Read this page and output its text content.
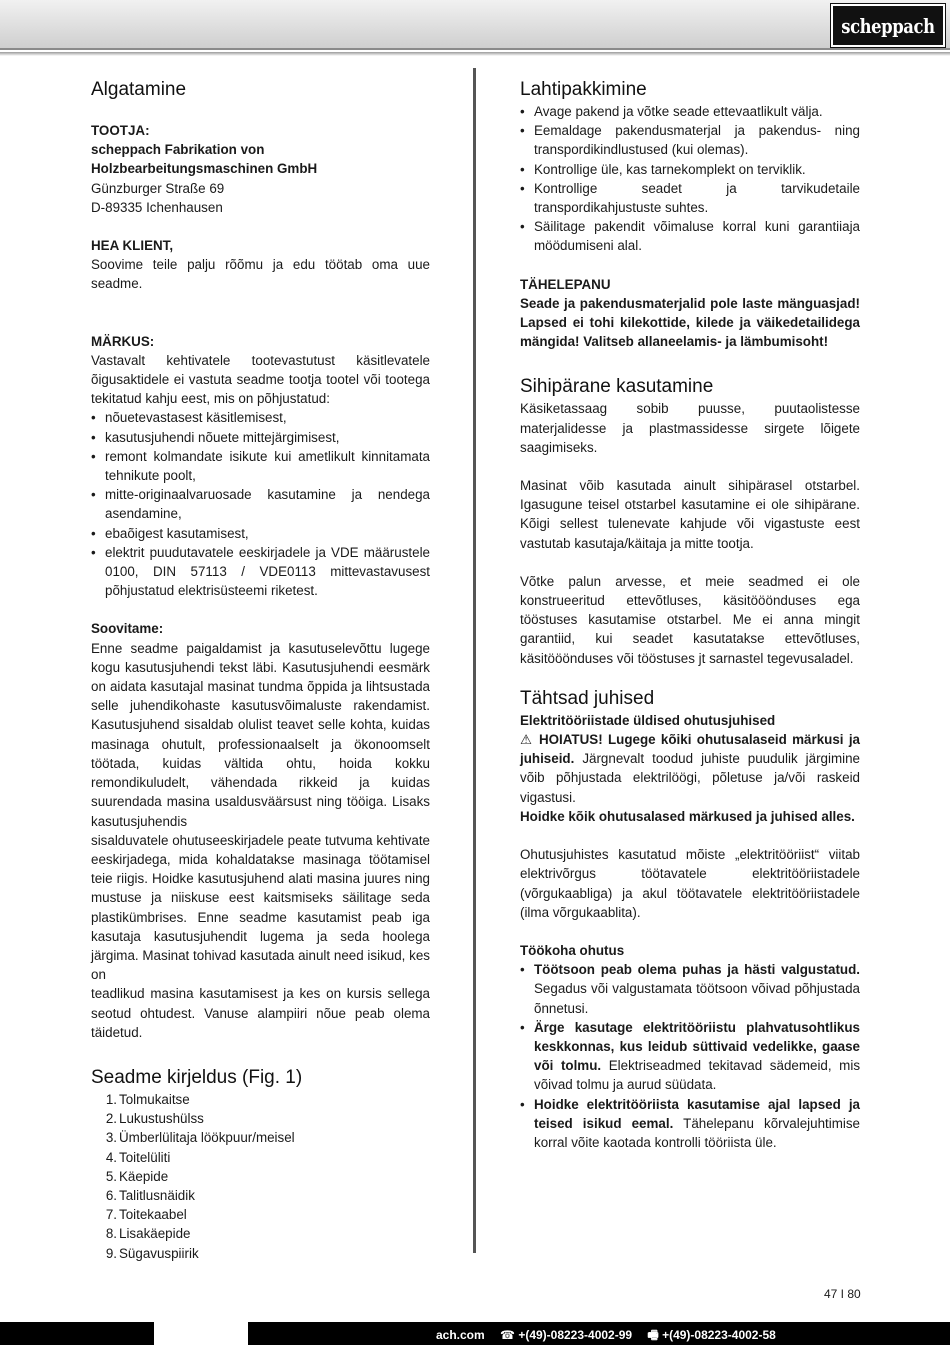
scheppach
Algatamine
TOOTJA:
scheppach Fabrikation von
Holzbearbeitungsmaschinen GmbH
Günzburger Straße 69
D-89335 Ichenhausen
HEA KLIENT,
Soovime teile palju rõõmu ja edu töötab oma uue seadme.
MÄRKUS:
Vastavalt kehtivatele tootevastutust käsitlevatele õigusaktidele ei vastuta seadme tootja tootel või tootega tekitatud kahju eest, mis on põhjustatud:
• nõuetevastasest käsitlemisest,
• kasutusjuhendi nõuete mittejärgimisest,
• remont kolmandate isikute kui ametlikult kinnitamata tehnikute poolt,
• mitte-originaalvaruosade kasutamine ja nendega asendamine,
• ebaõigest kasutamisest,
• elektrit puudutavatele eeskirjadele ja VDE määrustele 0100, DIN 57113 / VDE0113 mittevastavusest põhjustatud elektrisüsteemi riketest.
Soovitame:
Enne seadme paigaldamist ja kasutuselevõttu lugege kogu kasutusjuhendi tekst läbi. Kasutusjuhendi eesmärk on aidata kasutajal masinat tundma õppida ja lihtsustada selle juhendikohaste kasutusvõimaluste rakendamist. Kasutusjuhend sisaldab olulist teavet selle kohta, kuidas masinaga ohutult, professionaalselt ja ökonoomselt töötada, kuidas vältida ohtu, hoida kokku remondikuludelt, vähendada rikkeid ja kuidas suurendada masina usaldusväärsust ning tööiga. Lisaks kasutusjuhendis
sisalduvatele ohutuseeskirjadele peate tutvuma kehtivate eeskirjadega, mida kohaldatakse masinaga töötamisel teie riigis. Hoidke kasutusjuhend alati masina juures ning mustuse ja niiskuse eest kaitsmiseks säilitage seda plastikümbrises. Enne seadme kasutamist peab iga kasutaja kasutusjuhendit lugema ja seda hoolega järgima. Masinat tohivad kasutada ainult need isikud, kes on
teadlikud masina kasutamisest ja kes on kursis sellega seotud ohtudest. Vanuse alampiiri nõue peab olema täidetud.
Seadme kirjeldus (Fig. 1)
1. Tolmukaitse
2. Lukustushülss
3. Ümberlülitaja löökpuur/meisel
4. Toitelüliti
5. Käepide
6. Talitlusnäidik
7. Toitekaabel
8. Lisakäepide
9. Sügavuspiirik
Lahtipakkimine
• Avage pakend ja võtke seade ettevaatlikult välja.
• Eemaldage pakendusmaterjal ja pakendus- ning transpordikindlustused (kui olemas).
• Kontrollige üle, kas tarnekomplekt on terviklik.
• Kontrollige seadet ja tarvikudetaile transpordikahjustuste suhtes.
• Säilitage pakendit võimaluse korral kuni garantiiaja möödumiseni alal.
TÄHELEPANU
Seade ja pakendusmaterjalid pole laste mänguasjad! Lapsed ei tohi kilekottide, kilede ja väikedetailidega mängida! Valitseb allaneelamis- ja lämbumisoht!
Sihipärane kasutamine
Käsiketassaag sobib puusse, puutaolistesse materjalidesse ja plastmassidesse sirgete lõigete saagimiseks.
Masinat võib kasutada ainult sihipärasel otstarbel. Igasugune teisel otstarbel kasutamine ei ole sihipärane. Kõigi sellest tulenevate kahjude või vigastuste eest vastutab kasutaja/käitaja ja mitte tootja.
Võtke palun arvesse, et meie seadmed ei ole konstrueeritud ettevõtluses, käsitööönduses ega tööstuses kasutamise otstarbel. Me ei anna mingit garantiid, kui seadet kasutatakse ettevõtluses, käsitööönduses või tööstuses jt sarnastel tegevusaladel.
Tähtsad juhised
Elektritööriistade üldised ohutusjuhised
⚠ HOIATUS! Lugege kõiki ohutusalaseid märkusi ja juhiseid. Järgnevalt toodud juhiste puudulik järgimine võib põhjustada elektrilöögi, põletuse ja/või raskeid vigastusi.
Hoidke kõik ohutusalased märkused ja juhised alles.
Ohutusjuhistes kasutatud mõiste „elektritööriist“ viitab elektrivõrgus töötavatele elektritööriistadele (võrgukaabliga) ja akul töötavatele elektritööriistadele (ilma võrgukaablita).
Töökoha ohutus
• Töötsoon peab olema puhas ja hästi valgustatud. Segadus või valgustamata töötsoon võivad põhjustada õnnetusi.
• Ärge kasutage elektritööriistu plahvatusohtlikus keskkonnas, kus leidub süttivaid vedelikke, gaase või tolmu. Elektriseadmed tekitavad sädemeid, mis võivad tolmu ja aurud süüdata.
• Hoidke elektritööriista kasutamise ajal lapsed ja teised isikud eemal. Tähelepanu kõrvalejuhtimise korral võite kaotada kontrolli tööriista üle.
47 I 80
ach.com ☎ +(49)-08223-4002-99 🖷 +(49)-08223-4002-58
